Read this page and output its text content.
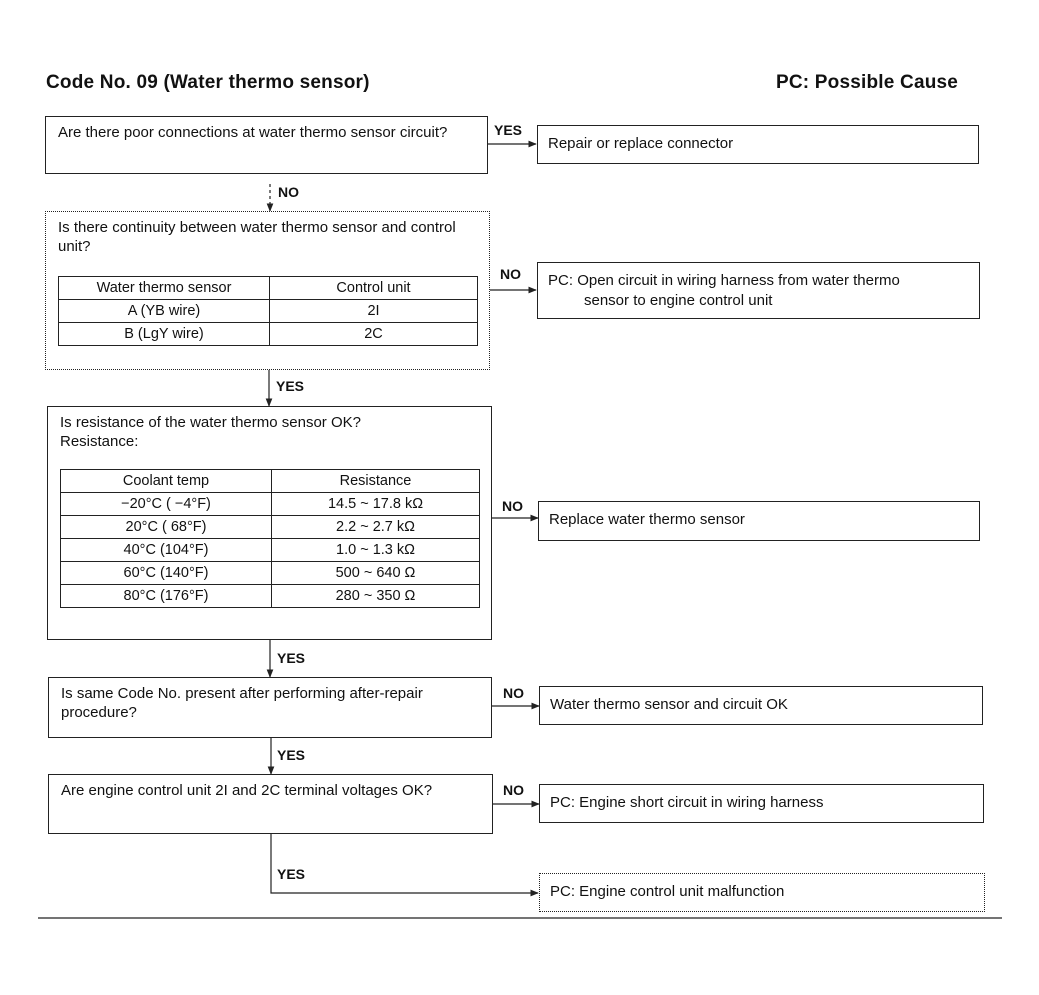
Code No. 09 (Water thermo sensor)	PC: Possible Cause
Are there poor connections at water thermo sensor circuit?	YES
Repair or replace connector
NO
Is there continuity between water thermo sensor and control unit?
Water thermo sensor	Control unit
A (YB wire)	2I
B (LgY wire)	2C
NO	PC: Open circuit in wiring harness from water thermo
sensor to engine control unit
YES
Is resistance of the water thermo sensor OK?
Resistance:
Coolant temp	Resistance
−20°C ( −4°F)	14.5 ~ 17.8 kΩ
20°C ( 68°F)	2.2 ~ 2.7 kΩ
40°C (104°F)	1.0 ~ 1.3 kΩ
60°C (140°F)	500 ~ 640 Ω
80°C (176°F)	280 ~ 350 Ω
NO
Replace water thermo sensor
YES
Is same Code No. present after performing after-repair procedure?
NO
Water thermo sensor and circuit OK
YES
Are engine control unit 2I and 2C terminal voltages OK?	NO
PC: Engine short circuit in wiring harness
YES
PC: Engine control unit malfunction
